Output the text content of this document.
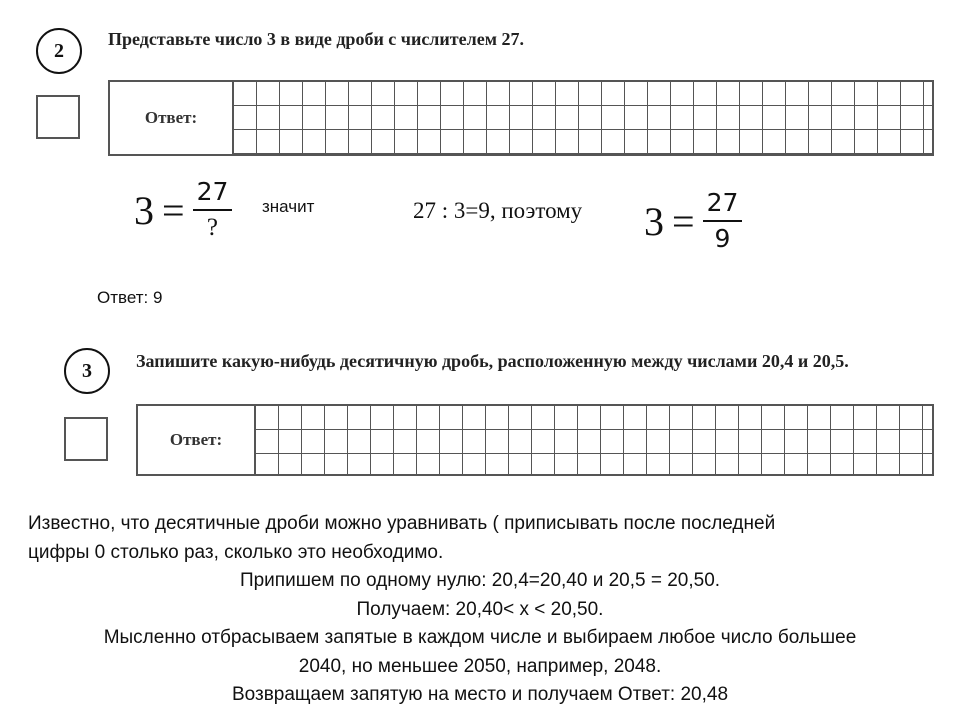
2
Представьте число 3 в виде дроби с числителем 27.
Ответ:
$3 = \frac{27}{?}$ значит	27 : 3=9, поэтому $3 = \frac{27}{9}$
Ответ: 9
3 Запишите какую-нибудь десятичную дробь, расположенную между числами 20,4 и 20,5.
Ответ:

Известно, что десятичные дроби можно уравнивать ( приписывать после последней

цифры 0 столько раз, сколько это необходимо.

Припишем по одному нулю: 20,4=20,40 и 20,5 = 20,50.

Получаем: 20,40< х < 20,50.

Мысленно отбрасываем запятые в каждом числе и выбираем любое число большее

2040, но меньшее 2050, например, 2048.

Возвращаем запятую на место и получаем Ответ: 20,48
